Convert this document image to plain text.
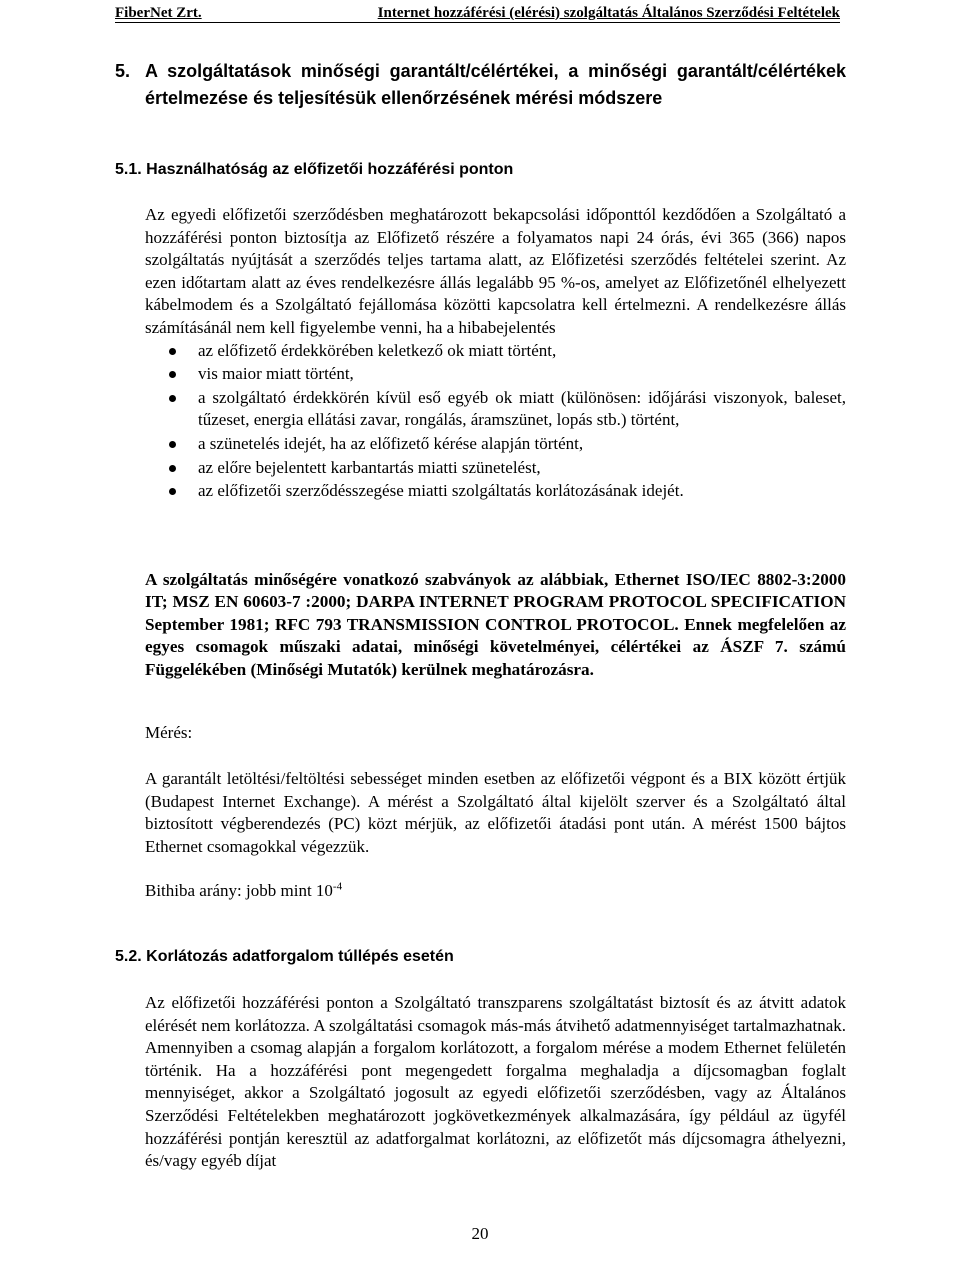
FiberNet Zrt.	Internet hozzáférési (elérési) szolgáltatás Általános Szerződési Feltételek
5. A szolgáltatások minőségi garantált/célértékei, a minőségi garantált/célértékek értelmezése és teljesítésük ellenőrzésének mérési módszere
5.1. Használhatóság az előfizetői hozzáférési ponton
Az egyedi előfizetői szerződésben meghatározott bekapcsolási időponttól kezdődően a Szolgáltató a hozzáférési ponton biztosítja az Előfizető részére a folyamatos napi 24 órás, évi 365 (366) napos szolgáltatás nyújtását a szerződés teljes tartama alatt, az Előfizetési szerződés feltételei szerint. Az ezen időtartam alatt az éves rendelkezésre állás legalább 95 %-os, amelyet az Előfizetőnél elhelyezett kábelmodem és a Szolgáltató fejállomása közötti kapcsolatra kell értelmezni. A rendelkezésre állás számításánál nem kell figyelembe venni, ha a hibabejelentés
az előfizető érdekkörében keletkező ok miatt történt,
vis maior miatt történt,
a szolgáltató érdekkörén kívül eső egyéb ok miatt (különösen: időjárási viszonyok, baleset, tűzeset, energia ellátási zavar, rongálás, áramszünet, lopás stb.) történt,
a szünetelés idejét, ha az előfizető kérése alapján történt,
az előre bejelentett karbantartás miatti szünetelést,
az előfizetői szerződésszegése miatti szolgáltatás korlátozásának idejét.
A szolgáltatás minőségére vonatkozó szabványok az alábbiak, Ethernet ISO/IEC 8802-3:2000 IT; MSZ EN 60603-7 :2000; DARPA INTERNET PROGRAM PROTOCOL SPECIFICATION September 1981; RFC 793 TRANSMISSION CONTROL PROTOCOL. Ennek megfelelően az egyes csomagok műszaki adatai, minőségi követelményei, célértékei az ÁSZF 7. számú Függelékében (Minőségi Mutatók) kerülnek meghatározásra.
Mérés:
A garantált letöltési/feltöltési sebességet minden esetben az előfizetői végpont és a BIX között értjük (Budapest Internet Exchange). A mérést a Szolgáltató által kijelölt szerver és a Szolgáltató által biztosított végberendezés (PC) közt mérjük, az előfizetői átadási pont után. A mérést 1500 bájtos Ethernet csomagokkal végezzük.
Bithiba arány: jobb mint $10^{-4}$
5.2. Korlátozás adatforgalom túllépés esetén
Az előfizetői hozzáférési ponton a Szolgáltató transzparens szolgáltatást biztosít és az átvitt adatok elérését nem korlátozza. A szolgáltatási csomagok más-más átvihető adatmennyiséget tartalmazhatnak. Amennyiben a csomag alapján a forgalom korlátozott, a forgalom mérése a modem Ethernet felületén történik. Ha a hozzáférési pont megengedett forgalma meghaladja a díjcsomagban foglalt mennyiséget, akkor a Szolgáltató jogosult az egyedi előfizetői szerződésben, vagy az Általános Szerződési Feltételekben meghatározott jogkövetkezmények alkalmazására, így például az ügyfél hozzáférési pontján keresztül az adatforgalmat korlátozni, az előfizetőt más díjcsomagra áthelyezni, és/vagy egyéb díjat
20
